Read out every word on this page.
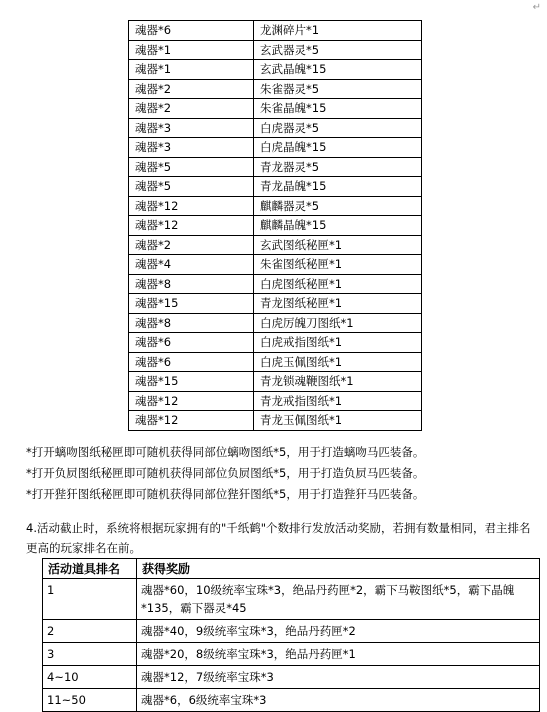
↵
魂器*6	龙渊碎片*1
魂器*1	玄武器灵*5
魂器*1	玄武晶魄*15
魂器*2	朱雀器灵*5
魂器*2	朱雀晶魄*15
魂器*3	白虎器灵*5
魂器*3	白虎晶魄*15
魂器*5	青龙器灵*5
魂器*5	青龙晶魄*15
魂器*12	麒麟器灵*5
魂器*12	麒麟晶魄*15
魂器*2	玄武图纸秘匣*1
魂器*4	朱雀图纸秘匣*1
魂器*8	白虎图纸秘匣*1
魂器*15	青龙图纸秘匣*1
魂器*8	白虎厉魄刀图纸*1
魂器*6	白虎戒指图纸*1
魂器*6	白虎玉佩图纸*1
魂器*15	青龙锁魂鞭图纸*1
魂器*12	青龙戒指图纸*1
魂器*12	青龙玉佩图纸*1
*打开螭吻图纸秘匣即可随机获得同部位螭吻图纸*5，用于打造螭吻马匹装备。
*打开负屃图纸秘匣即可随机获得同部位负屃图纸*5，用于打造负屃马匹装备。
*打开狴犴图纸秘匣即可随机获得同部位狴犴图纸*5，用于打造狴犴马匹装备。
4.活动截止时，系统将根据玩家拥有的"千纸鹤"个数排行发放活动奖励，若拥有数量相同，君主排名更高的玩家排名在前。
活动道具排名	获得奖励
1	魂器*60，10级统率宝珠*3，绝品丹药匣*2，霸下马鞍图纸*5，霸下晶魄*135，霸下器灵*45
2	魂器*40，9级统率宝珠*3，绝品丹药匣*2
3	魂器*20，8级统率宝珠*3，绝品丹药匣*1
4~10	魂器*12，7级统率宝珠*3
11~50	魂器*6，6级统率宝珠*3
